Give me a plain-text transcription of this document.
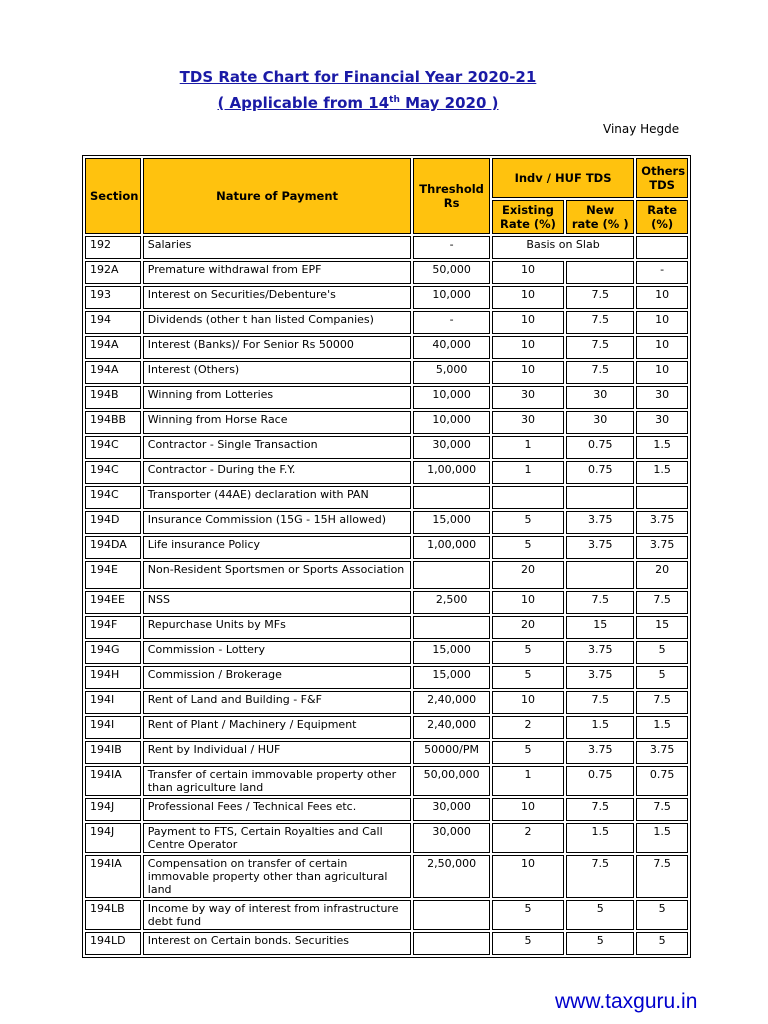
TDS Rate Chart for Financial Year 2020-21
( Applicable from 14th May 2020 )
Vinay Hegde
Section	Nature of Payment	Threshold Rs	Indv / HUF TDS		Others TDS
			Existing Rate (%)	New rate (% )	Rate (%)
192	Salaries	-	Basis on Slab		
192A	Premature withdrawal from EPF	50,000	10		-
193	Interest on Securities/Debenture's	10,000	10	7.5	10
194	Dividends (other t han listed Companies)	-	10	7.5	10
194A	Interest (Banks)/ For Senior Rs 50000	40,000	10	7.5	10
194A	Interest (Others)	5,000	10	7.5	10
194B	Winning from Lotteries	10,000	30	30	30
194BB	Winning from Horse Race	10,000	30	30	30
194C	Contractor - Single Transaction	30,000	1	0.75	1.5
194C	Contractor - During the F.Y.	1,00,000	1	0.75	1.5
194C	Transporter (44AE) declaration with PAN				
194D	Insurance Commission (15G - 15H allowed)	15,000	5	3.75	3.75
194DA	Life insurance Policy	1,00,000	5	3.75	3.75
194E	Non-Resident Sportsmen or Sports Association		20		20
194EE	NSS	2,500	10	7.5	7.5
194F	Repurchase Units by MFs		20	15	15
194G	Commission - Lottery	15,000	5	3.75	5
194H	Commission / Brokerage	15,000	5	3.75	5
194I	Rent of Land and Building - F&F	2,40,000	10	7.5	7.5
194I	Rent of Plant / Machinery / Equipment	2,40,000	2	1.5	1.5
194IB	Rent by Individual / HUF	50000/PM	5	3.75	3.75
194IA	Transfer of certain immovable property other than agriculture land	50,00,000	1	0.75	0.75
194J	Professional Fees / Technical Fees etc.	30,000	10	7.5	7.5
194J	Payment to FTS, Certain Royalties and Call Centre Operator	30,000	2	1.5	1.5
194IA	Compensation on transfer of certain immovable property other than agricultural land	2,50,000	10	7.5	7.5
194LB	Income by way of interest from infrastructure debt fund		5	5	5
194LD	Interest on Certain bonds. Securities		5	5	5
www.taxguru.in
